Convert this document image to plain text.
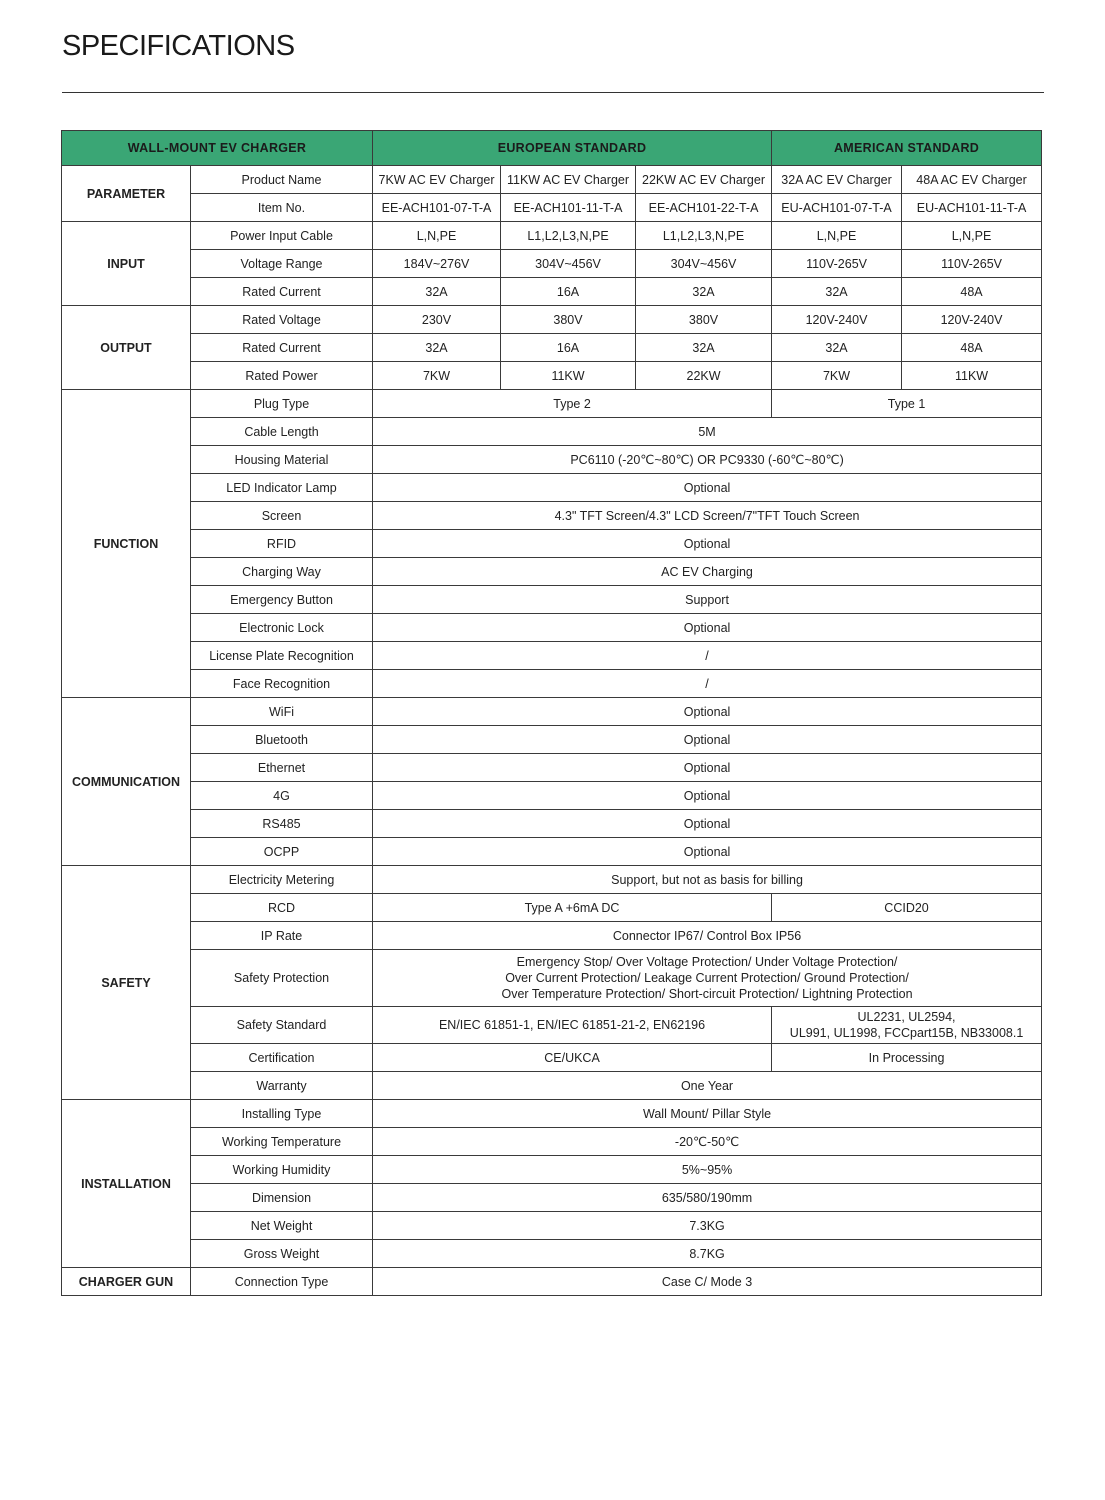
SPECIFICATIONS
WALL-MOUNT EV CHARGER		EUROPEAN STANDARD			AMERICAN STANDARD	
PARAMETER	Product Name	7KW AC EV Charger	11KW AC EV Charger	22KW AC EV Charger	32A AC EV Charger	48A AC EV Charger
	Item No.	EE-ACH101-07-T-A	EE-ACH101-11-T-A	EE-ACH101-22-T-A	EU-ACH101-07-T-A	EU-ACH101-11-T-A
INPUT	Power Input Cable	L,N,PE	L1,L2,L3,N,PE	L1,L2,L3,N,PE	L,N,PE	L,N,PE
	Voltage Range	184V~276V	304V~456V	304V~456V	110V-265V	110V-265V
	Rated Current	32A	16A	32A	32A	48A
OUTPUT	Rated Voltage	230V	380V	380V	120V-240V	120V-240V
	Rated Current	32A	16A	32A	32A	48A
	Rated Power	7KW	11KW	22KW	7KW	11KW
FUNCTION	Plug Type	Type 2			Type 1	
	Cable Length	5M				
	Housing Material	PC6110 (-20℃~80℃) OR PC9330 (-60℃~80℃)				
	LED Indicator Lamp	Optional				
	Screen	4.3" TFT Screen/4.3" LCD Screen/7"TFT Touch Screen				
	RFID	Optional				
	Charging Way	AC EV Charging				
	Emergency Button	Support				
	Electronic Lock	Optional				
	License Plate Recognition	/				
	Face Recognition	/				
COMMUNICATION	WiFi	Optional				
	Bluetooth	Optional				
	Ethernet	Optional				
	4G	Optional				
	RS485	Optional				
	OCPP	Optional				
SAFETY	Electricity Metering	Support, but not as basis for billing				
	RCD	Type A +6mA DC			CCID20	
	IP Rate	Connector IP67/ Control Box IP56				
	Safety Protection	Emergency Stop/ Over Voltage Protection/ Under Voltage Protection/
Over Current Protection/ Leakage Current Protection/ Ground Protection/
Over Temperature Protection/ Short-circuit Protection/ Lightning Protection				

	Safety Standard	EN/IEC 61851-1, EN/IEC 61851-21-2, EN62196			UL2231, UL2594,
UL991, UL1998, FCCpart15B, NB33008.1	

	Certification	CE/UKCA			In Processing	
	Warranty	One Year				
INSTALLATION	Installing Type	Wall Mount/ Pillar Style				
	Working Temperature	-20℃-50℃				
	Working Humidity	5%~95%				
	Dimension	635/580/190mm				
	Net Weight	7.3KG				
	Gross Weight	8.7KG				
CHARGER GUN	Connection Type	Case C/ Mode 3				
